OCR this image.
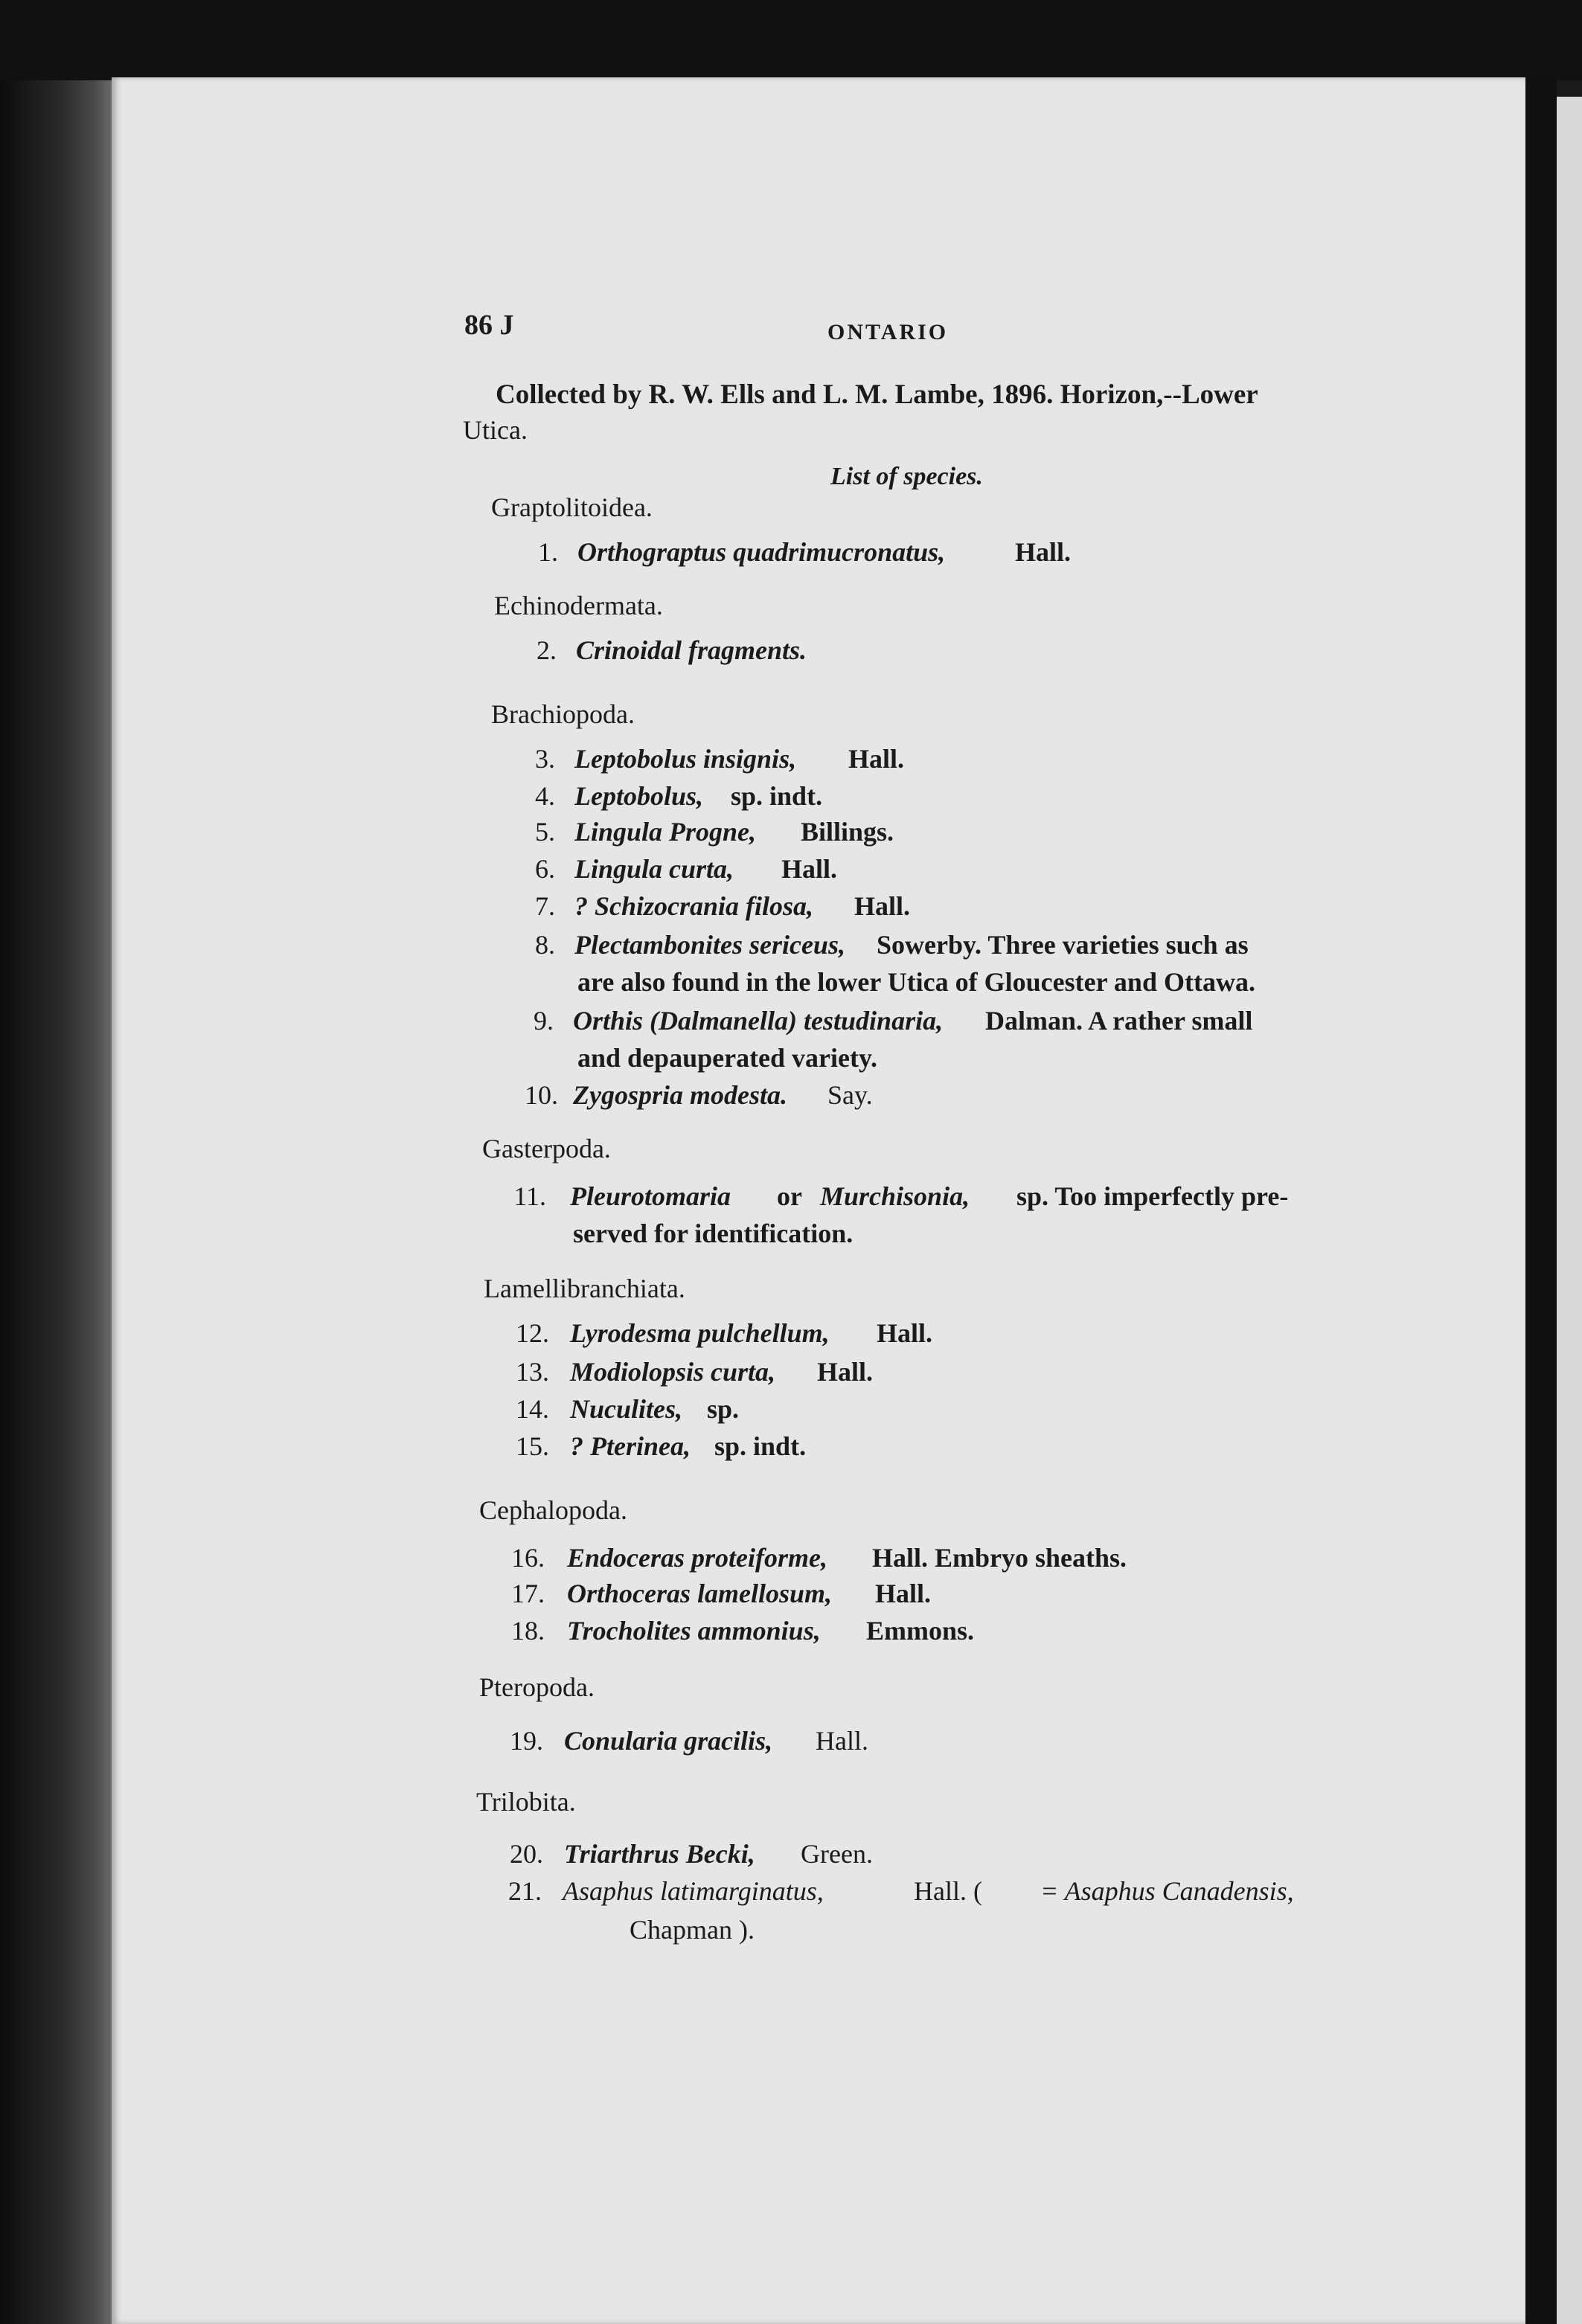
86 J	ONTARIO
Collected by R. W. Ells and L. M. Lambe, 1896. Horizon,--Lower
Utica.
List of species.
Graptolitoidea.
1. Orthograptus quadrimucronatus,	Hall.
Echinodermata.
2. Crinoidal fragments.
Brachiopoda.
3. Leptobolus insignis, Hall.
4. Leptobolus, sp. indt.
5. Lingula Progne, Billings.
6. Lingula curta, Hall.
7. ? Schizocrania filosa, Hall.
8. Plectambonites sericeus, Sowerby. Three varieties such as
are also found in the lower Utica of Gloucester and Ottawa.
9. Orthis (Dalmanella) testudinaria, Dalman. A rather small
and depauperated variety.
10. Zygospria modesta. Say.
Gasterpoda.
11. Pleurotomaria or Murchisonia, sp. Too imperfectly pre-
served for identification.
Lamellibranchiata.
12. Lyrodesma pulchellum, Hall.
13. Modiolopsis curta, Hall.
14. Nuculites, sp.
15. ? Pterinea, sp. indt.
Cephalopoda.
16. Endoceras proteiforme, Hall. Embryo sheaths.
17. Orthoceras lamellosum, Hall.
18. Trocholites ammonius, Emmons.
Pteropoda.
19. Conularia gracilis, Hall.
Trilobita.
20. Triarthrus Becki, Green.
21. Asaphus latimarginatus,	Hall. ( = Asaphus Canadensis,
Chapman ).
